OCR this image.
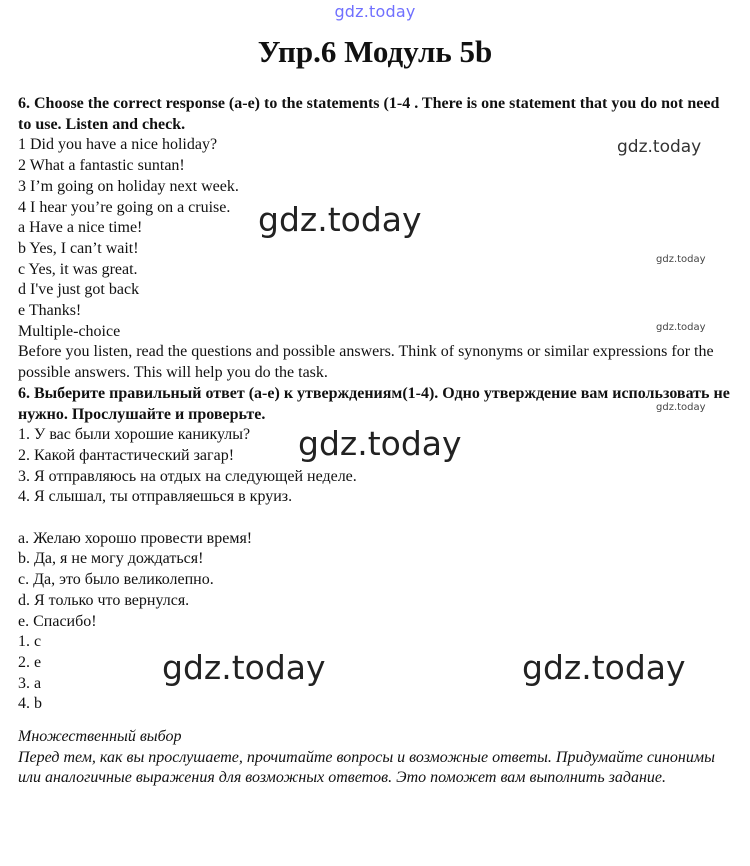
gdz.today
Упр.6 Модуль 5b

6. Choose the correct response (a-e) to the statements (1-4 . There is one statement that you do not need to use. Listen and check.

1 Did you have a nice holiday?

2 What a fantastic suntan!

3 I’m going on holiday next week.

4 I hear you’re going on a cruise.

a Have a nice time!

b Yes, I can’t wait!

c Yes, it was great.

d I've just got back

e Thanks!

Multiple-choice

Before you listen, read the questions and possible answers. Think of synonyms or similar expressions for the possible answers. This will help you do the task.

6. Выберите правильный ответ (a-e) к утверждениям(1-4). Одно утверждение вам использовать не нужно. Прослушайте и проверьте.

1. У вас были хорошие каникулы?

2. Какой фантастический загар!

3. Я отправляюсь на отдых на следующей неделе.

4. Я слышал, ты отправляешься в круиз.

a. Желаю хорошо провести время!

b. Да, я не могу дождаться!

c. Да, это было великолепно.

d. Я только что вернулся.

e. Спасибо!

1. c

2. e

3. a

4. b

Множественный выбор

Перед тем, как вы прослушаете, прочитайте вопросы и возможные ответы. Придумайте синонимы или аналогичные выражения для возможных ответов. Это поможет вам выполнить задание.

gdz.today
gdz.today
gdz.today
gdz.today
gdz.today
gdz.today
gdz.today	gdz.today
